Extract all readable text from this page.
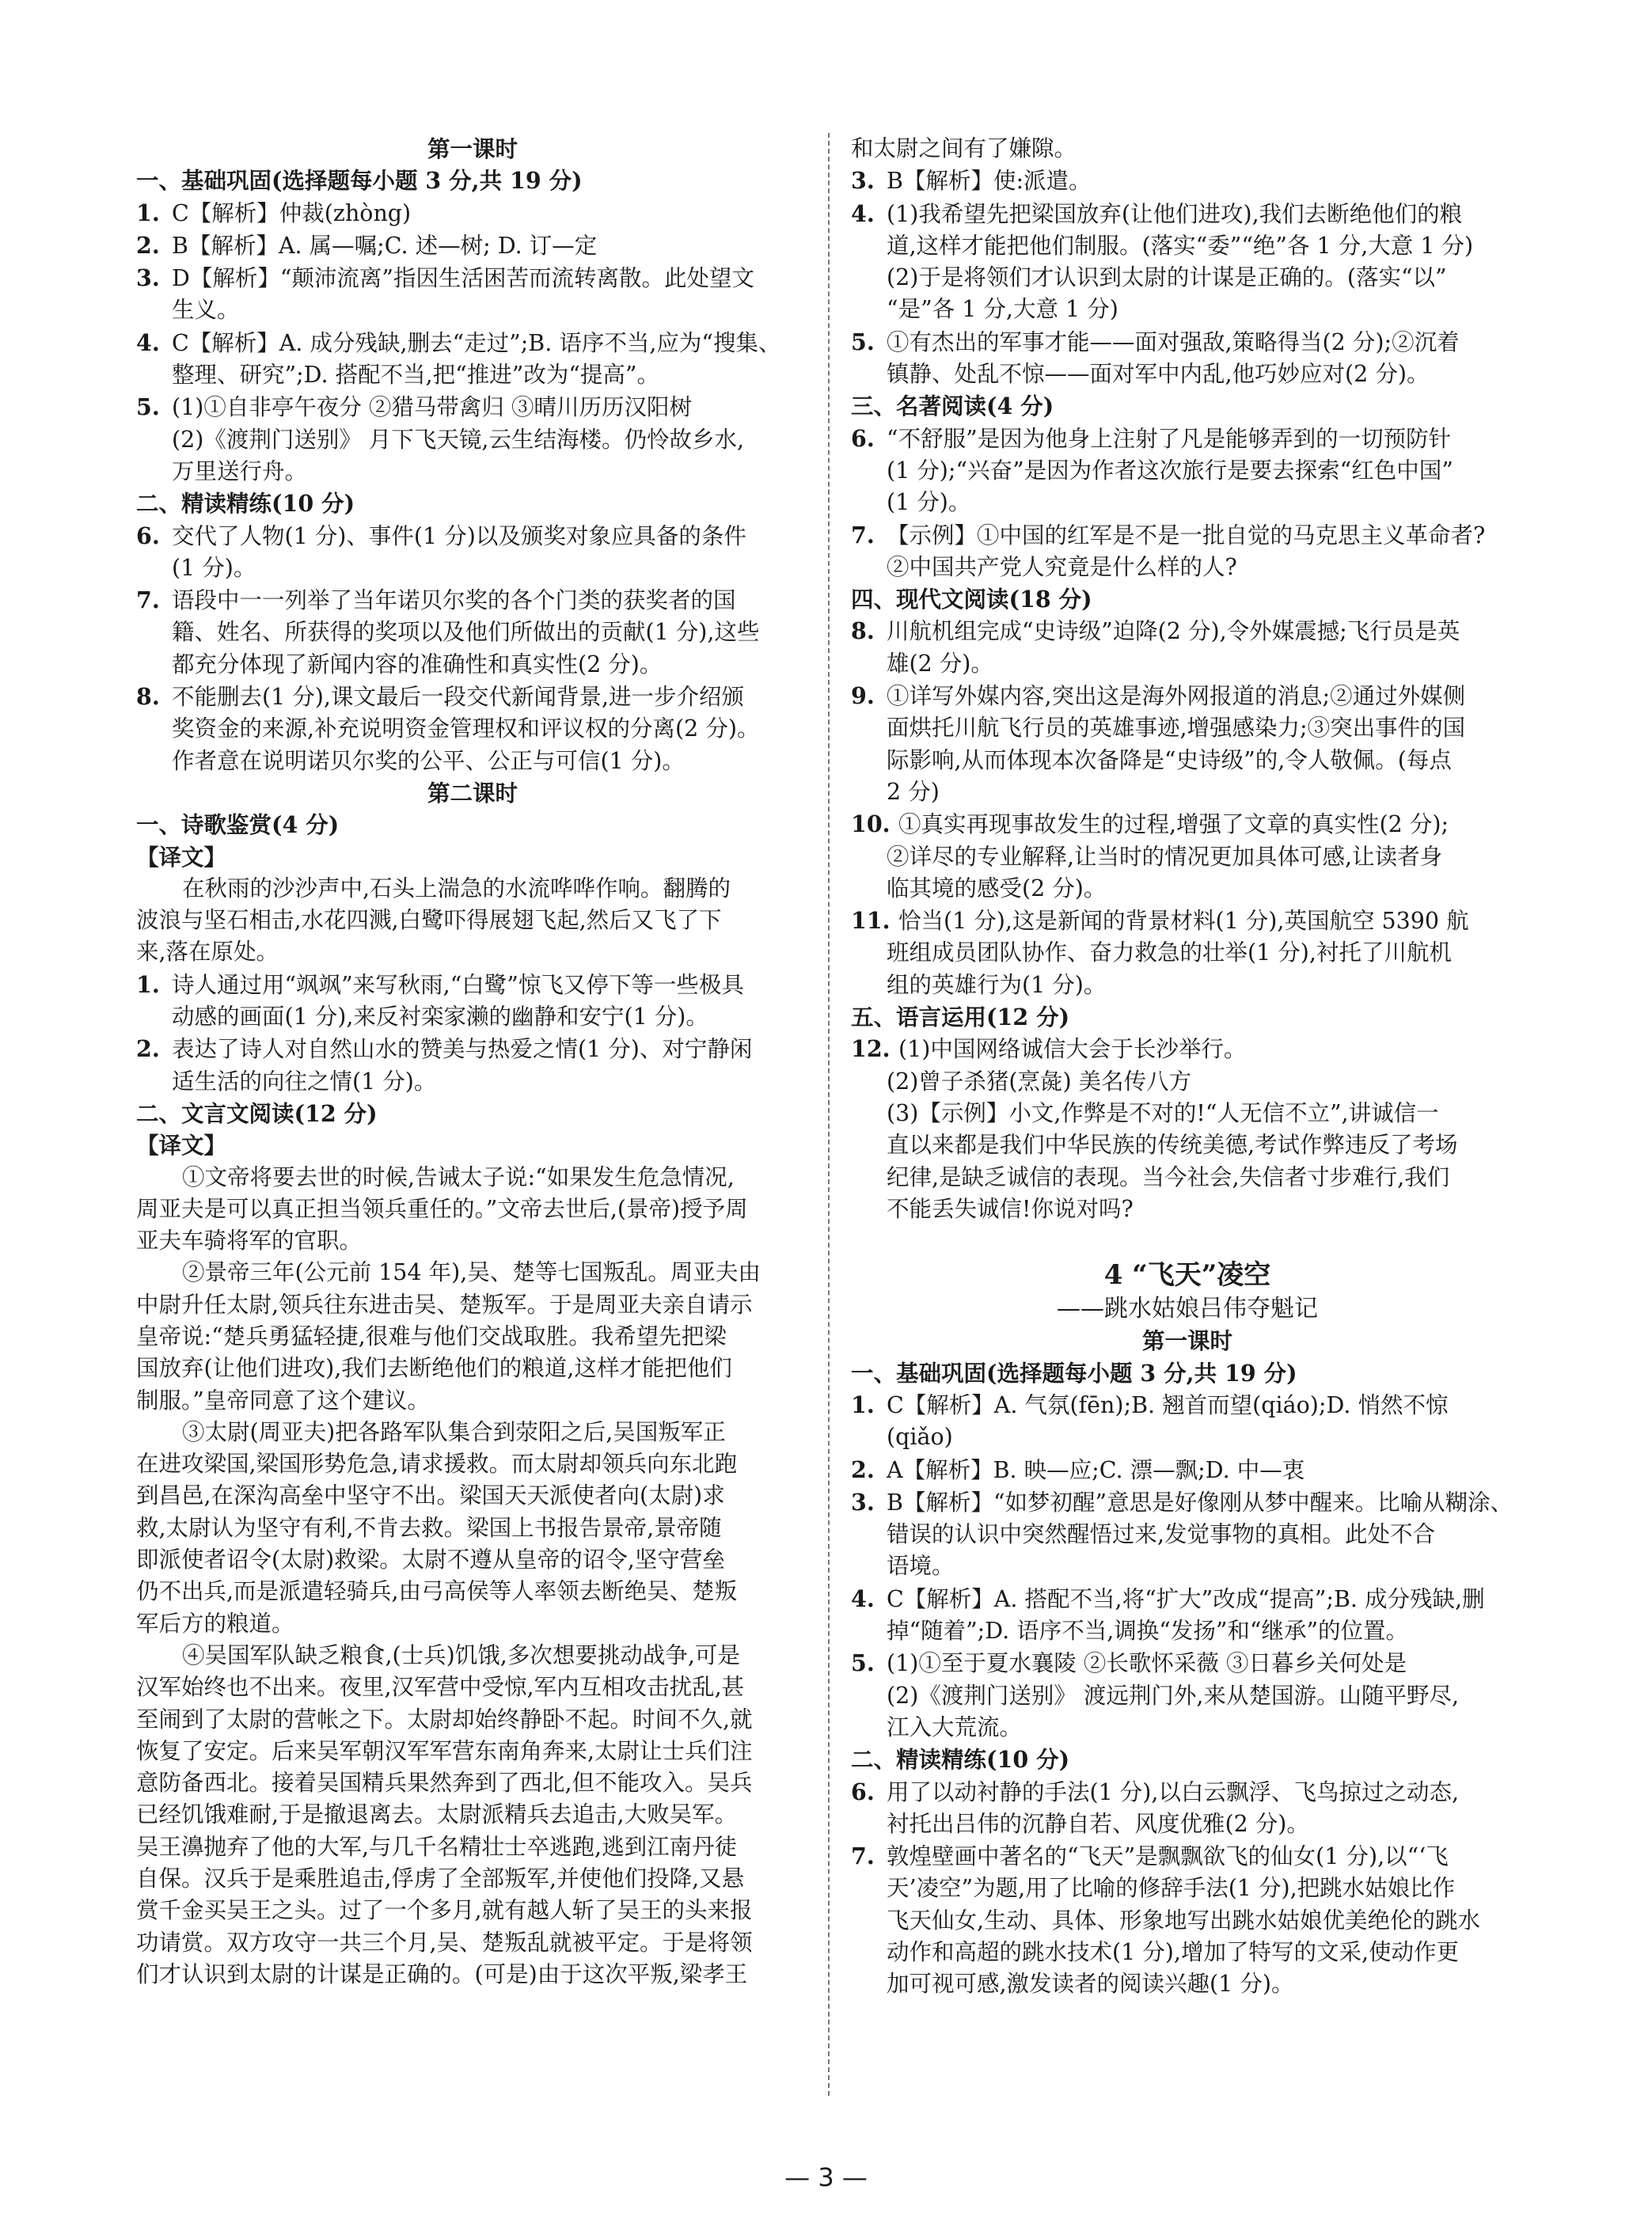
第一课时
一、基础巩固(选择题每小题 3 分,共 19 分)
1. C【解析】仲裁(zhòng)
2. B【解析】A. 属—嘱;C. 述—树; D. 订—定
3. D【解析】“颠沛流离”指因生活困苦而流转离散。此处望文
生义。
4. C【解析】A. 成分残缺,删去“走过”;B. 语序不当,应为“搜集、
整理、研究”;D. 搭配不当,把“推进”改为“提高”。
5. (1)①自非亭午夜分 ②猎马带禽归 ③晴川历历汉阳树
(2)《渡荆门送别》 月下飞天镜,云生结海楼。仍怜故乡水,
万里送行舟。
二、精读精练(10 分)
6. 交代了人物(1 分)、事件(1 分)以及颁奖对象应具备的条件
(1 分)。
7. 语段中一一列举了当年诺贝尔奖的各个门类的获奖者的国
籍、姓名、所获得的奖项以及他们所做出的贡献(1 分),这些
都充分体现了新闻内容的准确性和真实性(2 分)。
8. 不能删去(1 分),课文最后一段交代新闻背景,进一步介绍颁
奖资金的来源,补充说明资金管理权和评议权的分离(2 分)。
作者意在说明诺贝尔奖的公平、公正与可信(1 分)。
第二课时
一、诗歌鉴赏(4 分)
【译文】
在秋雨的沙沙声中,石头上湍急的水流哗哗作响。翻腾的
波浪与坚石相击,水花四溅,白鹭吓得展翅飞起,然后又飞了下
来,落在原处。
1. 诗人通过用“飒飒”来写秋雨,“白鹭”惊飞又停下等一些极具
动感的画面(1 分),来反衬栾家濑的幽静和安宁(1 分)。
2. 表达了诗人对自然山水的赞美与热爱之情(1 分)、对宁静闲
适生活的向往之情(1 分)。
二、文言文阅读(12 分)
【译文】
①文帝将要去世的时候,告诫太子说:“如果发生危急情况,
周亚夫是可以真正担当领兵重任的。”文帝去世后,(景帝)授予周
亚夫车骑将军的官职。
②景帝三年(公元前 154 年),吴、楚等七国叛乱。周亚夫由
中尉升任太尉,领兵往东进击吴、楚叛军。于是周亚夫亲自请示
皇帝说:“楚兵勇猛轻捷,很难与他们交战取胜。我希望先把梁
国放弃(让他们进攻),我们去断绝他们的粮道,这样才能把他们
制服。”皇帝同意了这个建议。
③太尉(周亚夫)把各路军队集合到荥阳之后,吴国叛军正
在进攻梁国,梁国形势危急,请求援救。而太尉却领兵向东北跑
到昌邑,在深沟高垒中坚守不出。梁国天天派使者向(太尉)求
救,太尉认为坚守有利,不肯去救。梁国上书报告景帝,景帝随
即派使者诏令(太尉)救梁。太尉不遵从皇帝的诏令,坚守营垒
仍不出兵,而是派遣轻骑兵,由弓高侯等人率领去断绝吴、楚叛
军后方的粮道。
④吴国军队缺乏粮食,(士兵)饥饿,多次想要挑动战争,可是
汉军始终也不出来。夜里,汉军营中受惊,军内互相攻击扰乱,甚
至闹到了太尉的营帐之下。太尉却始终静卧不起。时间不久,就
恢复了安定。后来吴军朝汉军军营东南角奔来,太尉让士兵们注
意防备西北。接着吴国精兵果然奔到了西北,但不能攻入。吴兵
已经饥饿难耐,于是撤退离去。太尉派精兵去追击,大败吴军。
吴王濞抛弃了他的大军,与几千名精壮士卒逃跑,逃到江南丹徒
自保。汉兵于是乘胜追击,俘虏了全部叛军,并使他们投降,又悬
赏千金买吴王之头。过了一个多月,就有越人斩了吴王的头来报
功请赏。双方攻守一共三个月,吴、楚叛乱就被平定。于是将领
们才认识到太尉的计谋是正确的。(可是)由于这次平叛,梁孝王
和太尉之间有了嫌隙。
3. B【解析】使:派遣。
4. (1)我希望先把梁国放弃(让他们进攻),我们去断绝他们的粮
道,这样才能把他们制服。(落实“委”“绝”各 1 分,大意 1 分)
(2)于是将领们才认识到太尉的计谋是正确的。(落实“以”
“是”各 1 分,大意 1 分)
5. ①有杰出的军事才能——面对强敌,策略得当(2 分);②沉着
镇静、处乱不惊——面对军中内乱,他巧妙应对(2 分)。
三、名著阅读(4 分)
6. “不舒服”是因为他身上注射了凡是能够弄到的一切预防针
(1 分);“兴奋”是因为作者这次旅行是要去探索“红色中国”
(1 分)。
7. 【示例】①中国的红军是不是一批自觉的马克思主义革命者?
②中国共产党人究竟是什么样的人?
四、现代文阅读(18 分)
8. 川航机组完成“史诗级”迫降(2 分),令外媒震撼;飞行员是英
雄(2 分)。
9. ①详写外媒内容,突出这是海外网报道的消息;②通过外媒侧
面烘托川航飞行员的英雄事迹,增强感染力;③突出事件的国
际影响,从而体现本次备降是“史诗级”的,令人敬佩。(每点
2 分)
10. ①真实再现事故发生的过程,增强了文章的真实性(2 分);
②详尽的专业解释,让当时的情况更加具体可感,让读者身
临其境的感受(2 分)。
11. 恰当(1 分),这是新闻的背景材料(1 分),英国航空 5390 航
班组成员团队协作、奋力救急的壮举(1 分),衬托了川航机
组的英雄行为(1 分)。
五、语言运用(12 分)
12. (1)中国网络诚信大会于长沙举行。
(2)曾子杀猪(烹彘) 美名传八方
(3)【示例】小文,作弊是不对的!“人无信不立”,讲诚信一
直以来都是我们中华民族的传统美德,考试作弊违反了考场
纪律,是缺乏诚信的表现。当今社会,失信者寸步难行,我们
不能丢失诚信!你说对吗?
4 “飞天”凌空
——跳水姑娘吕伟夺魁记
第一课时
一、基础巩固(选择题每小题 3 分,共 19 分)
1. C【解析】A. 气氛(fēn);B. 翘首而望(qiáo);D. 悄然不惊
(qiǎo)
2. A【解析】B. 映—应;C. 漂—飘;D. 中—衷
3. B【解析】“如梦初醒”意思是好像刚从梦中醒来。比喻从糊涂、
错误的认识中突然醒悟过来,发觉事物的真相。此处不合
语境。
4. C【解析】A. 搭配不当,将“扩大”改成“提高”;B. 成分残缺,删
掉“随着”;D. 语序不当,调换“发扬”和“继承”的位置。
5. (1)①至于夏水襄陵 ②长歌怀采薇 ③日暮乡关何处是
(2)《渡荆门送别》 渡远荆门外,来从楚国游。山随平野尽,
江入大荒流。
二、精读精练(10 分)
6. 用了以动衬静的手法(1 分),以白云飘浮、飞鸟掠过之动态,
衬托出吕伟的沉静自若、风度优雅(2 分)。
7. 敦煌壁画中著名的“飞天”是飘飘欲飞的仙女(1 分),以“‘飞
天’凌空”为题,用了比喻的修辞手法(1 分),把跳水姑娘比作
飞天仙女,生动、具体、形象地写出跳水姑娘优美绝伦的跳水
动作和高超的跳水技术(1 分),增加了特写的文采,使动作更
加可视可感,激发读者的阅读兴趣(1 分)。
— 3 —
